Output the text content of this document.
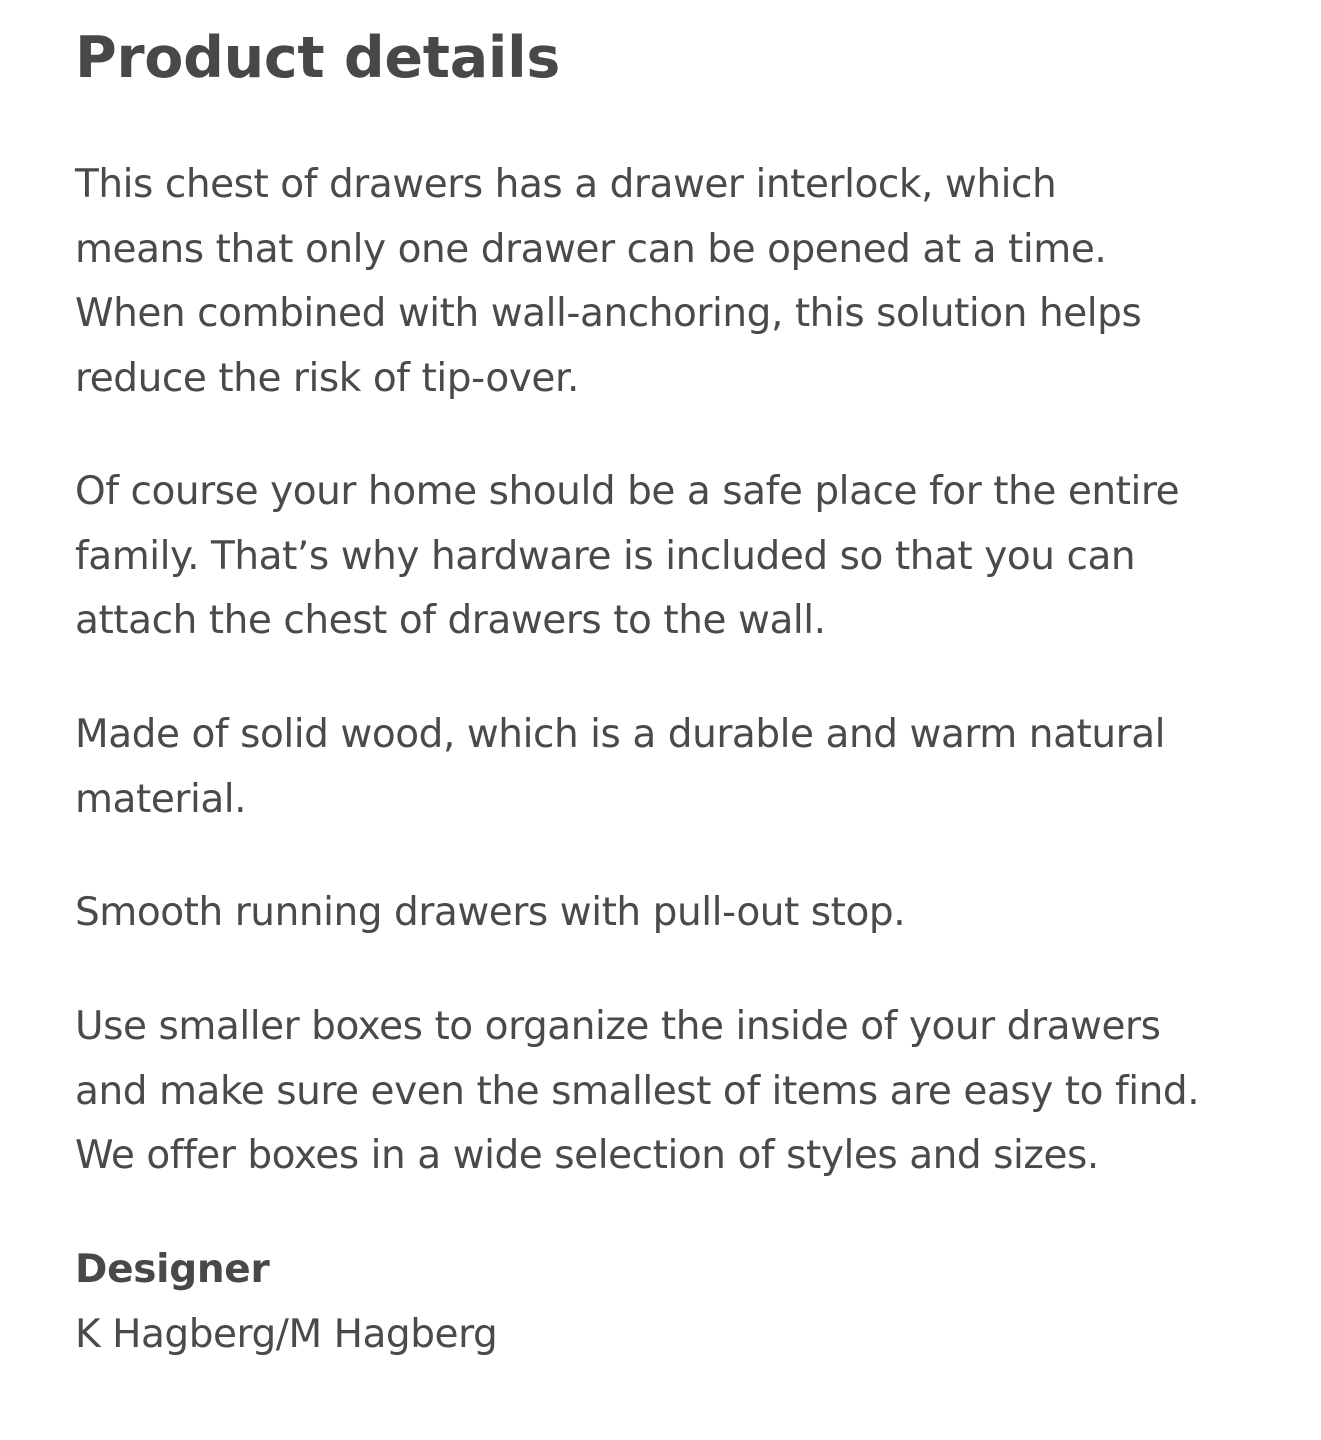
Product details

This chest of drawers has a drawer interlock, which
means that only one drawer can be opened at a time.
When combined with wall-anchoring, this solution helps
reduce the risk of tip-over.

Of course your home should be a safe place for the entire
family. That’s why hardware is included so that you can
attach the chest of drawers to the wall.

Made of solid wood, which is a durable and warm natural
material.

Smooth running drawers with pull-out stop.

Use smaller boxes to organize the inside of your drawers
and make sure even the smallest of items are easy to find.
We offer boxes in a wide selection of styles and sizes.

Designer

K Hagberg/M Hagberg
